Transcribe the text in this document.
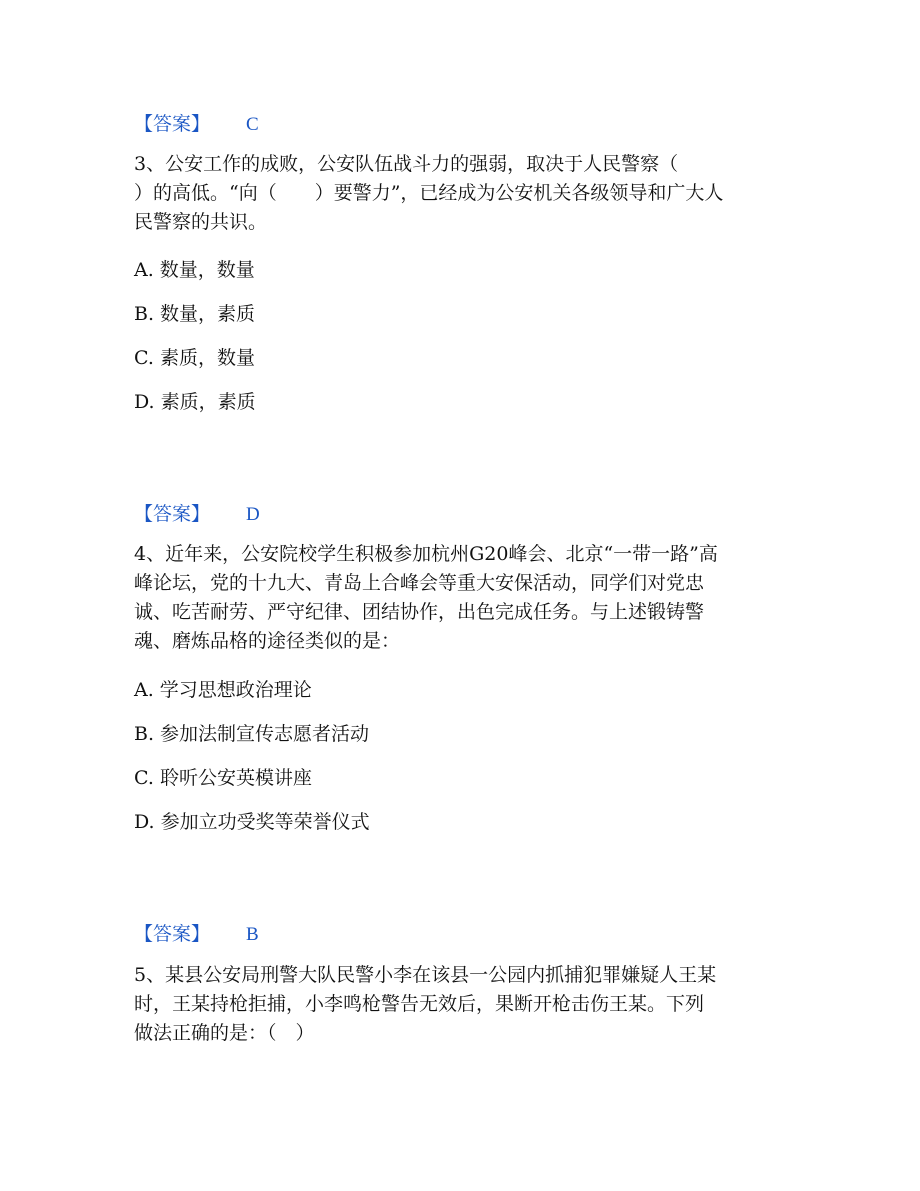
【答案】 C
3、公安工作的成败，公安队伍战斗力的强弱，取决于人民警察（
）的高低。“向（　　）要警力”，已经成为公安机关各级领导和广大人
民警察的共识。
A. 数量，数量
B. 数量，素质
C. 素质，数量
D. 素质，素质
【答案】 D
4、近年来，公安院校学生积极参加杭州G20峰会、北京“一带一路”高
峰论坛，党的十九大、青岛上合峰会等重大安保活动，同学们对党忠
诚、吃苦耐劳、严守纪律、团结协作，出色完成任务。与上述锻铸警
魂、磨炼品格的途径类似的是：
A. 学习思想政治理论
B. 参加法制宣传志愿者活动
C. 聆听公安英模讲座
D. 参加立功受奖等荣誉仪式
【答案】 B
5、某县公安局刑警大队民警小李在该县一公园内抓捕犯罪嫌疑人王某
时，王某持枪拒捕，小李鸣枪警告无效后，果断开枪击伤王某。下列
做法正确的是：（　）
